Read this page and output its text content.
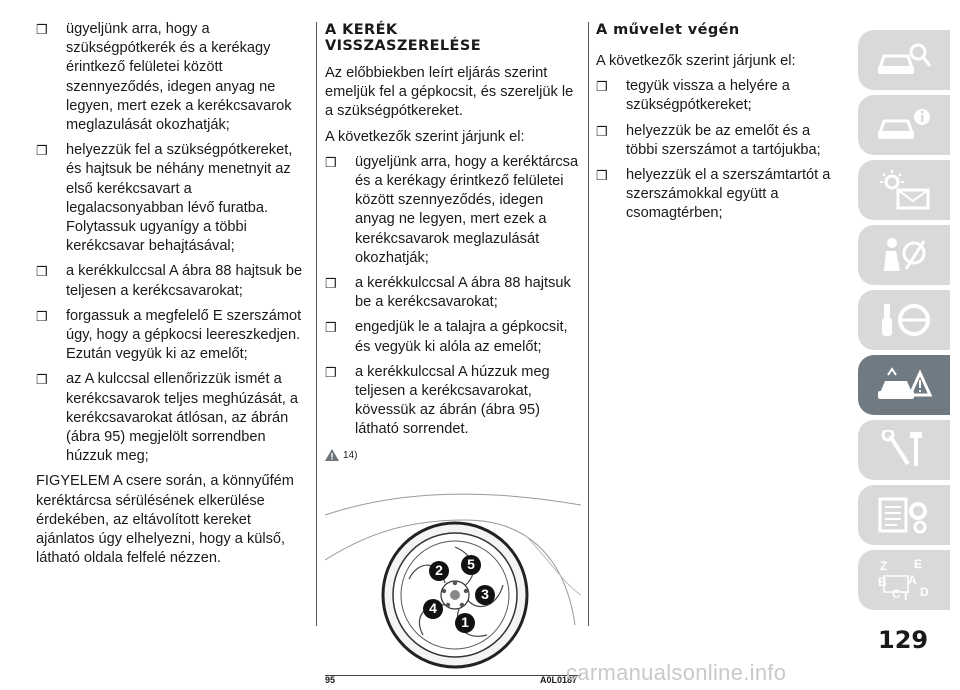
❒ ügyeljünk arra, hogy a szükségpótkerék és a kerékagy érintkező felületei között szennyeződés, idegen anyag ne legyen, mert ezek a kerékcsavarok meglazulását okozhatják;
❒ helyezzük fel a szükségpótkereket, és hajtsuk be néhány menetnyit az első kerékcsavart a legalacsonyabban lévő furatba. Folytassuk ugyanígy a többi kerékcsavar behajtásával;
❒ a kerékkulccsal A ábra 88 hajtsuk be teljesen a kerékcsavarokat;
❒ forgassuk a megfelelő E szerszámot úgy, hogy a gépkocsi leereszkedjen. Ezután vegyük ki az emelőt;
❒ az A kulccsal ellenőrizzük ismét a kerékcsavarok teljes meghúzását, a kerékcsavarokat átlósan, az ábrán (ábra 95) megjelölt sorrendben húzzuk meg;

FIGYELEM A csere során, a könnyűfém keréktárcsa sérülésének elkerülése érdekében, az eltávolított kereket ajánlatos úgy elhelyezni, hogy a külső, látható oldala felfelé nézzen.

A KERÉK
VISSZASZERELÉSE

Az előbbiekben leírt eljárás szerint emeljük fel a gépkocsit, és szereljük le a szükségpótkereket.

A következők szerint járjunk el:

❒ ügyeljünk arra, hogy a keréktárcsa és a kerékagy érintkező felületei között szennyeződés, idegen anyag ne legyen, mert ezek a kerékcsavarok meglazulását okozhatják;
❒ a kerékkulccsal A ábra 88 hajtsuk be a kerékcsavarokat;
❒ engedjük le a talajra a gépkocsit, és vegyük ki alóla az emelőt;
❒ a kerékkulccsal A húzzuk meg teljesen a kerékcsavarokat, kövessük az ábrán (ábra 95) látható sorrendet.
14)
2	5
3
4
1
95	A0L0187
A művelet végén

A következők szerint járjunk el:

❒ tegyük vissza a helyére a szükségpótkereket;
❒ helyezzük be az emelőt és a többi szerszámot a tartójukba;
❒ helyezzük el a szerszámtartót a szerszámokkal együtt a csomagtérben;
Z E
A
B
C T D
129
carmanualsonline.info
